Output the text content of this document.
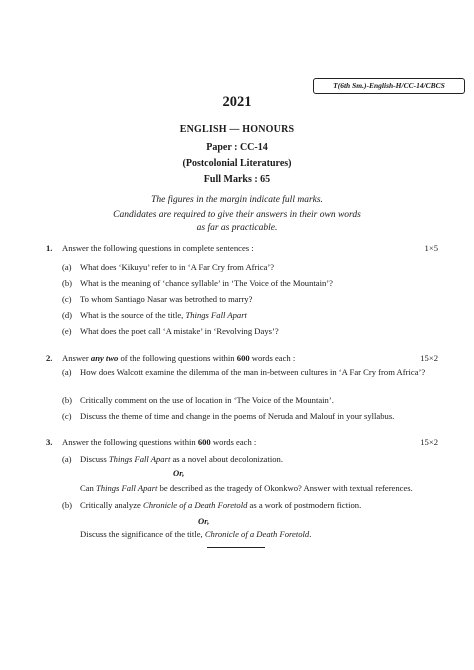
T(6th Sm.)-English-H/CC-14/CBCS
2021
ENGLISH — HONOURS
Paper : CC-14
(Postcolonial Literatures)
Full Marks : 65
The figures in the margin indicate full marks.
Candidates are required to give their answers in their own words
as far as practicable.
1. Answer the following questions in complete sentences :	1×5
(a) What does ‘Kikuyu’ refer to in ‘A Far Cry from Africa’?
(b) What is the meaning of ‘chance syllable’ in ‘The Voice of the Mountain’?
(c) To whom Santiago Nasar was betrothed to marry?
(d) What is the source of the title, Things Fall Apart
(e) What does the poet call ‘A mistake’ in ‘Revolving Days’?
2. Answer any two of the following questions within 600 words each :	15×2
(a) How does Walcott examine the dilemma of the man in-between cultures in ‘A Far Cry from Africa’?
(b) Critically comment on the use of location in ‘The Voice of the Mountain’.
(c) Discuss the theme of time and change in the poems of Neruda and Malouf in your syllabus.
3. Answer the following questions within 600 words each :	15×2
(a) Discuss Things Fall Apart as a novel about decolonization.
Or,
Can Things Fall Apart be described as the tragedy of Okonkwo? Answer with textual references.
(b) Critically analyze Chronicle of a Death Foretold as a work of postmodern fiction.
Or,
Discuss the significance of the title, Chronicle of a Death Foretold.
